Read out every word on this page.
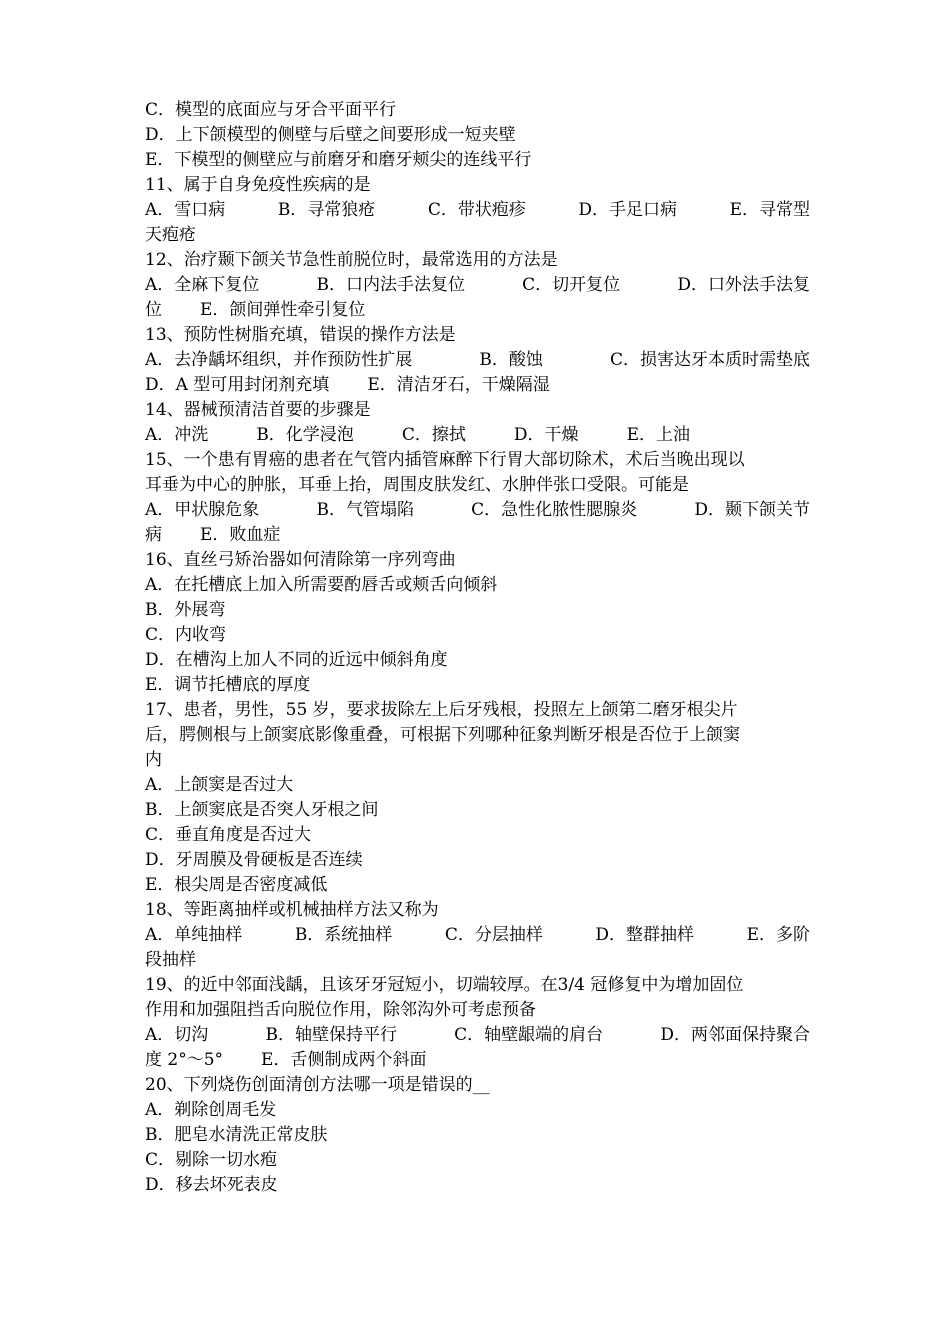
C．模型的底面应与牙合平面平行
D．上下颌模型的侧壁与后壁之间要形成一短夹壁
E．下模型的侧壁应与前磨牙和磨牙颊尖的连线平行
11、属于自身免疫性疾病的是
A．雪口病	B．寻常狼疮	C．带状疱疹	D．手足口病	E．寻常型
天疱疮
12、治疗颞下颌关节急性前脱位时，最常选用的方法是
A．全麻下复位	B．口内法手法复位	C．切开复位	D．口外法手法复
位 E．颌间弹性牵引复位
13、预防性树脂充填，错误的操作方法是
A．去净龋坏组织，并作预防性扩展	B．酸蚀	C．损害达牙本质时需垫底
D．A 型可用封闭剂充填 E．清洁牙石，干燥隔湿
14、器械预清洁首要的步骤是
A．冲洗	B．化学浸泡	C．擦拭	D．干燥	E．上油
15、一个患有胃癌的患者在气管内插管麻醉下行胃大部切除术，术后当晚出现以
耳垂为中心的肿胀，耳垂上抬，周围皮肤发红、水肿伴张口受限。可能是
A．甲状腺危象	B．气管塌陷	C．急性化脓性腮腺炎	D．颞下颌关节
病 E．败血症
16、直丝弓矫治器如何清除第一序列弯曲
A．在托槽底上加入所需要酌唇舌或颊舌向倾斜
B．外展弯
C．内收弯
D．在槽沟上加人不同的近远中倾斜角度
E．调节托槽底的厚度
17、患者，男性，55 岁，要求拔除左上后牙残根，投照左上颌第二磨牙根尖片
后，腭侧根与上颌窦底影像重叠，可根据下列哪种征象判断牙根是否位于上颌窦
内
A．上颌窦是否过大
B．上颌窦底是否突人牙根之间
C．垂直角度是否过大
D．牙周膜及骨硬板是否连续
E．根尖周是否密度减低
18、等距离抽样或机械抽样方法又称为
A．单纯抽样	B．系统抽样	C．分层抽样	D．整群抽样	E．多阶
段抽样
19、的近中邻面浅龋，且该牙牙冠短小，切端较厚。在3/4 冠修复中为增加固位
作用和加强阻挡舌向脱位作用，除邻沟外可考虑预备
A．切沟	B．轴壁保持平行	C．轴壁龈端的肩台	D．两邻面保持聚合
度 2°～5° E．舌侧制成两个斜面
20、下列烧伤创面清创方法哪一项是错误的__
A．剃除创周毛发
B．肥皂水清洗正常皮肤
C．剔除一切水疱
D．移去坏死表皮
